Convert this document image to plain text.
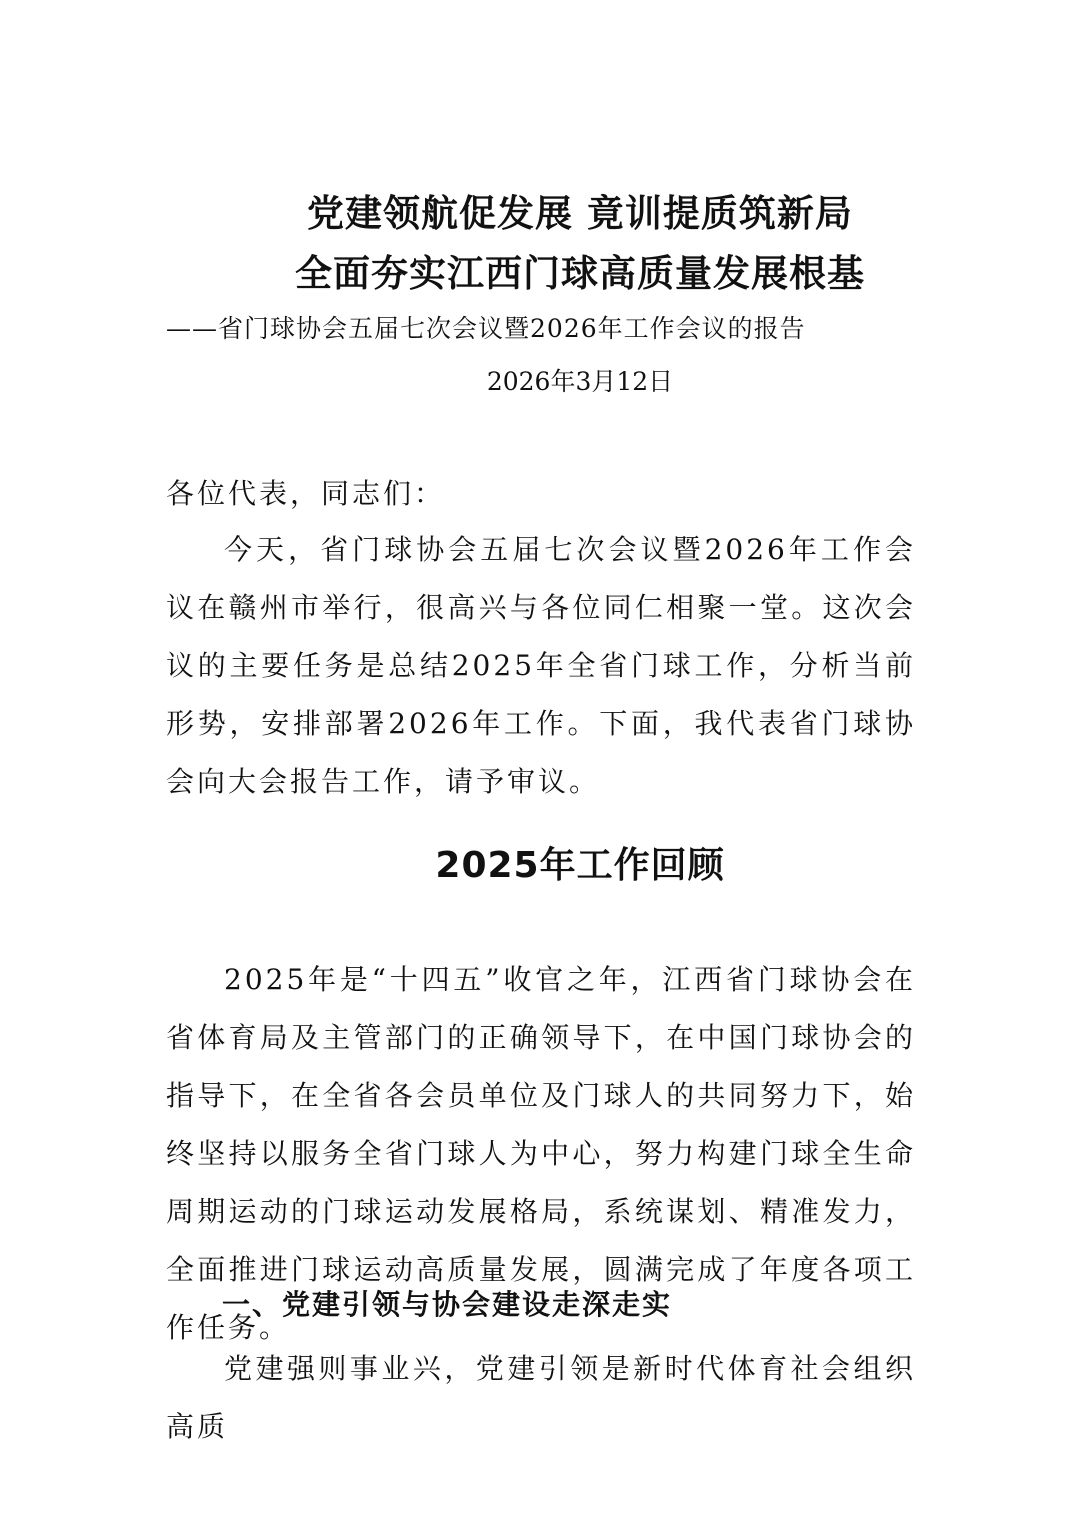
党建领航促发展 竟训提质筑新局
全面夯实江西门球高质量发展根基
——省门球协会五届七次会议暨2026年工作会议的报告
2026年3月12日
各位代表，同志们：

今天，省门球协会五届七次会议暨2026年工作会议在赣州市举行，很高兴与各位同仁相聚一堂。这次会议的主要任务是总结2025年全省门球工作，分析当前形势，安排部署2026年工作。下面，我代表省门球协会向大会报告工作，请予审议。

2025年工作回顾

2025年是“十四五”收官之年，江西省门球协会在省体育局及主管部门的正确领导下，在中国门球协会的指导下，在全省各会员单位及门球人的共同努力下，始终坚持以服务全省门球人为中心，努力构建门球全生命周期运动的门球运动发展格局，系统谋划、精准发力，全面推进门球运动高质量发展，圆满完成了年度各项工作任务。

一、党建引领与协会建设走深走实

党建强则事业兴，党建引领是新时代体育社会组织高质
